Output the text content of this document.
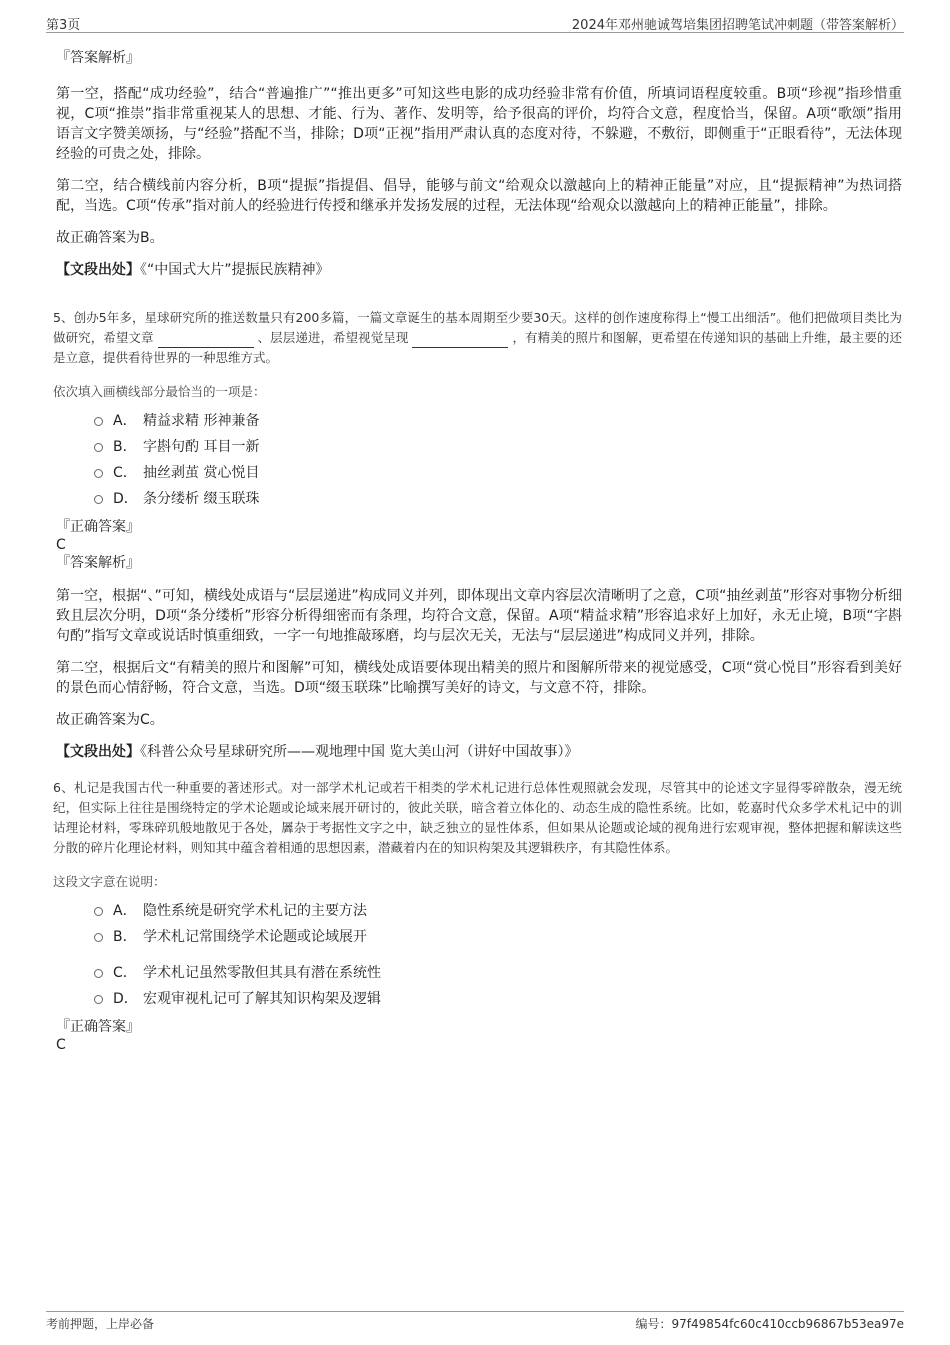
第3页	2024年邓州驰诚驾培集团招聘笔试冲刺题（带答案解析）
『答案解析』
第一空，搭配“成功经验”，结合“普遍推广”“推出更多”可知这些电影的成功经验非常有价值，所填词语程度较重。B项“珍视”指珍惜重视，C项“推崇”指非常重视某人的思想、才能、行为、著作、发明等，给予很高的评价，均符合文意，程度恰当，保留。A项“歌颂”指用语言文字赞美颂扬，与“经验”搭配不当，排除；D项“正视”指用严肃认真的态度对待，不躲避，不敷衍，即侧重于“正眼看待”，无法体现经验的可贵之处，排除。
第二空，结合横线前内容分析，B项“提振”指提倡、倡导，能够与前文“给观众以激越向上的精神正能量”对应，且“提振精神”为热词搭配，当选。C项“传承”指对前人的经验进行传授和继承并发扬发展的过程，无法体现“给观众以激越向上的精神正能量”，排除。
故正确答案为B。
【文段出处】《“中国式大片”提振民族精神》
5、创办5年多，星球研究所的推送数量只有200多篇，一篇文章诞生的基本周期至少要30天。这样的创作速度称得上“慢工出细活”。他们把做项目类比为做研究，希望文章	、层层递进，希望视觉呈现	，有精美的照片和图解，更希望在传递知识的基础上升维，最主要的还是立意，提供看待世界的一种思维方式。
依次填入画横线部分最恰当的一项是：
A． 精益求精 形神兼备
B． 字斟句酌 耳目一新
C． 抽丝剥茧 赏心悦目
D． 条分缕析 缀玉联珠
『正确答案』
C
『答案解析』
第一空，根据“、”可知，横线处成语与“层层递进”构成同义并列，即体现出文章内容层次清晰明了之意，C项“抽丝剥茧”形容对事物分析细致且层次分明，D项“条分缕析”形容分析得细密而有条理，均符合文意，保留。A项“精益求精”形容追求好上加好，永无止境，B项“字斟句酌”指写文章或说话时慎重细致，一字一句地推敲琢磨，均与层次无关，无法与“层层递进”构成同义并列，排除。
第二空，根据后文“有精美的照片和图解”可知，横线处成语要体现出精美的照片和图解所带来的视觉感受，C项“赏心悦目”形容看到美好的景色而心情舒畅，符合文意，当选。D项“缀玉联珠”比喻撰写美好的诗文，与文意不符，排除。
故正确答案为C。
【文段出处】《科普公众号星球研究所——观地理中国 览大美山河（讲好中国故事）》
6、札记是我国古代一种重要的著述形式。对一部学术札记或若干相类的学术札记进行总体性观照就会发现，尽管其中的论述文字显得零碎散杂，漫无统纪，但实际上往往是围绕特定的学术论题或论域来展开研讨的，彼此关联，暗含着立体化的、动态生成的隐性系统。比如，乾嘉时代众多学术札记中的训诂理论材料，零珠碎玑般地散见于各处，羼杂于考据性文字之中，缺乏独立的显性体系，但如果从论题或论域的视角进行宏观审视，整体把握和解读这些分散的碎片化理论材料，则知其中蕴含着相通的思想因素，潜藏着内在的知识构架及其逻辑秩序，有其隐性体系。
这段文字意在说明：
A． 隐性系统是研究学术札记的主要方法
B． 学术札记常围绕学术论题或论域展开
C． 学术札记虽然零散但其具有潜在系统性
D． 宏观审视札记可了解其知识构架及逻辑
『正确答案』
C
考前押题，上岸必备	编号：97f49854fc60c410ccb96867b53ea97e
